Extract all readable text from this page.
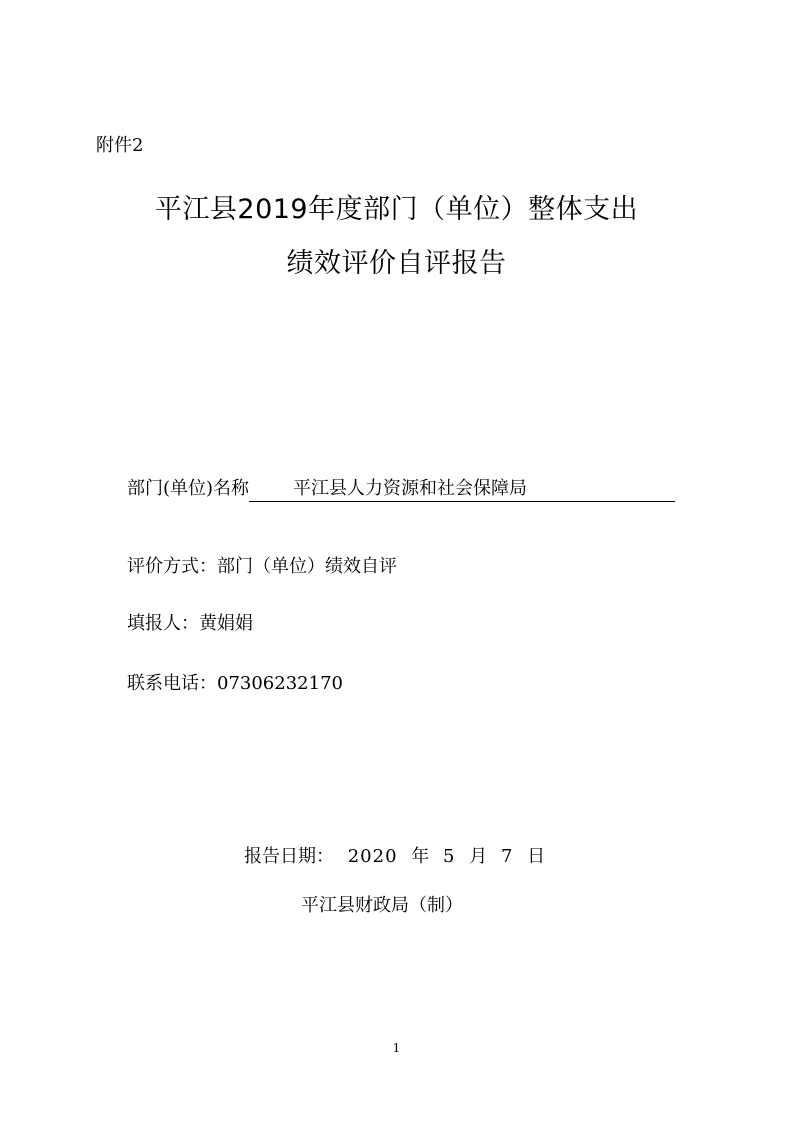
附件2
平江县2019年度部门（单位）整体支出
绩效评价自评报告
部门(单位)名称 平江县人力资源和社会保障局
评价方式：部门（单位）绩效自评
填报人：黄娟娟
联系电话：07306232170
报告日期： 2020 年 5 月 7 日
平江县财政局（制）
1
